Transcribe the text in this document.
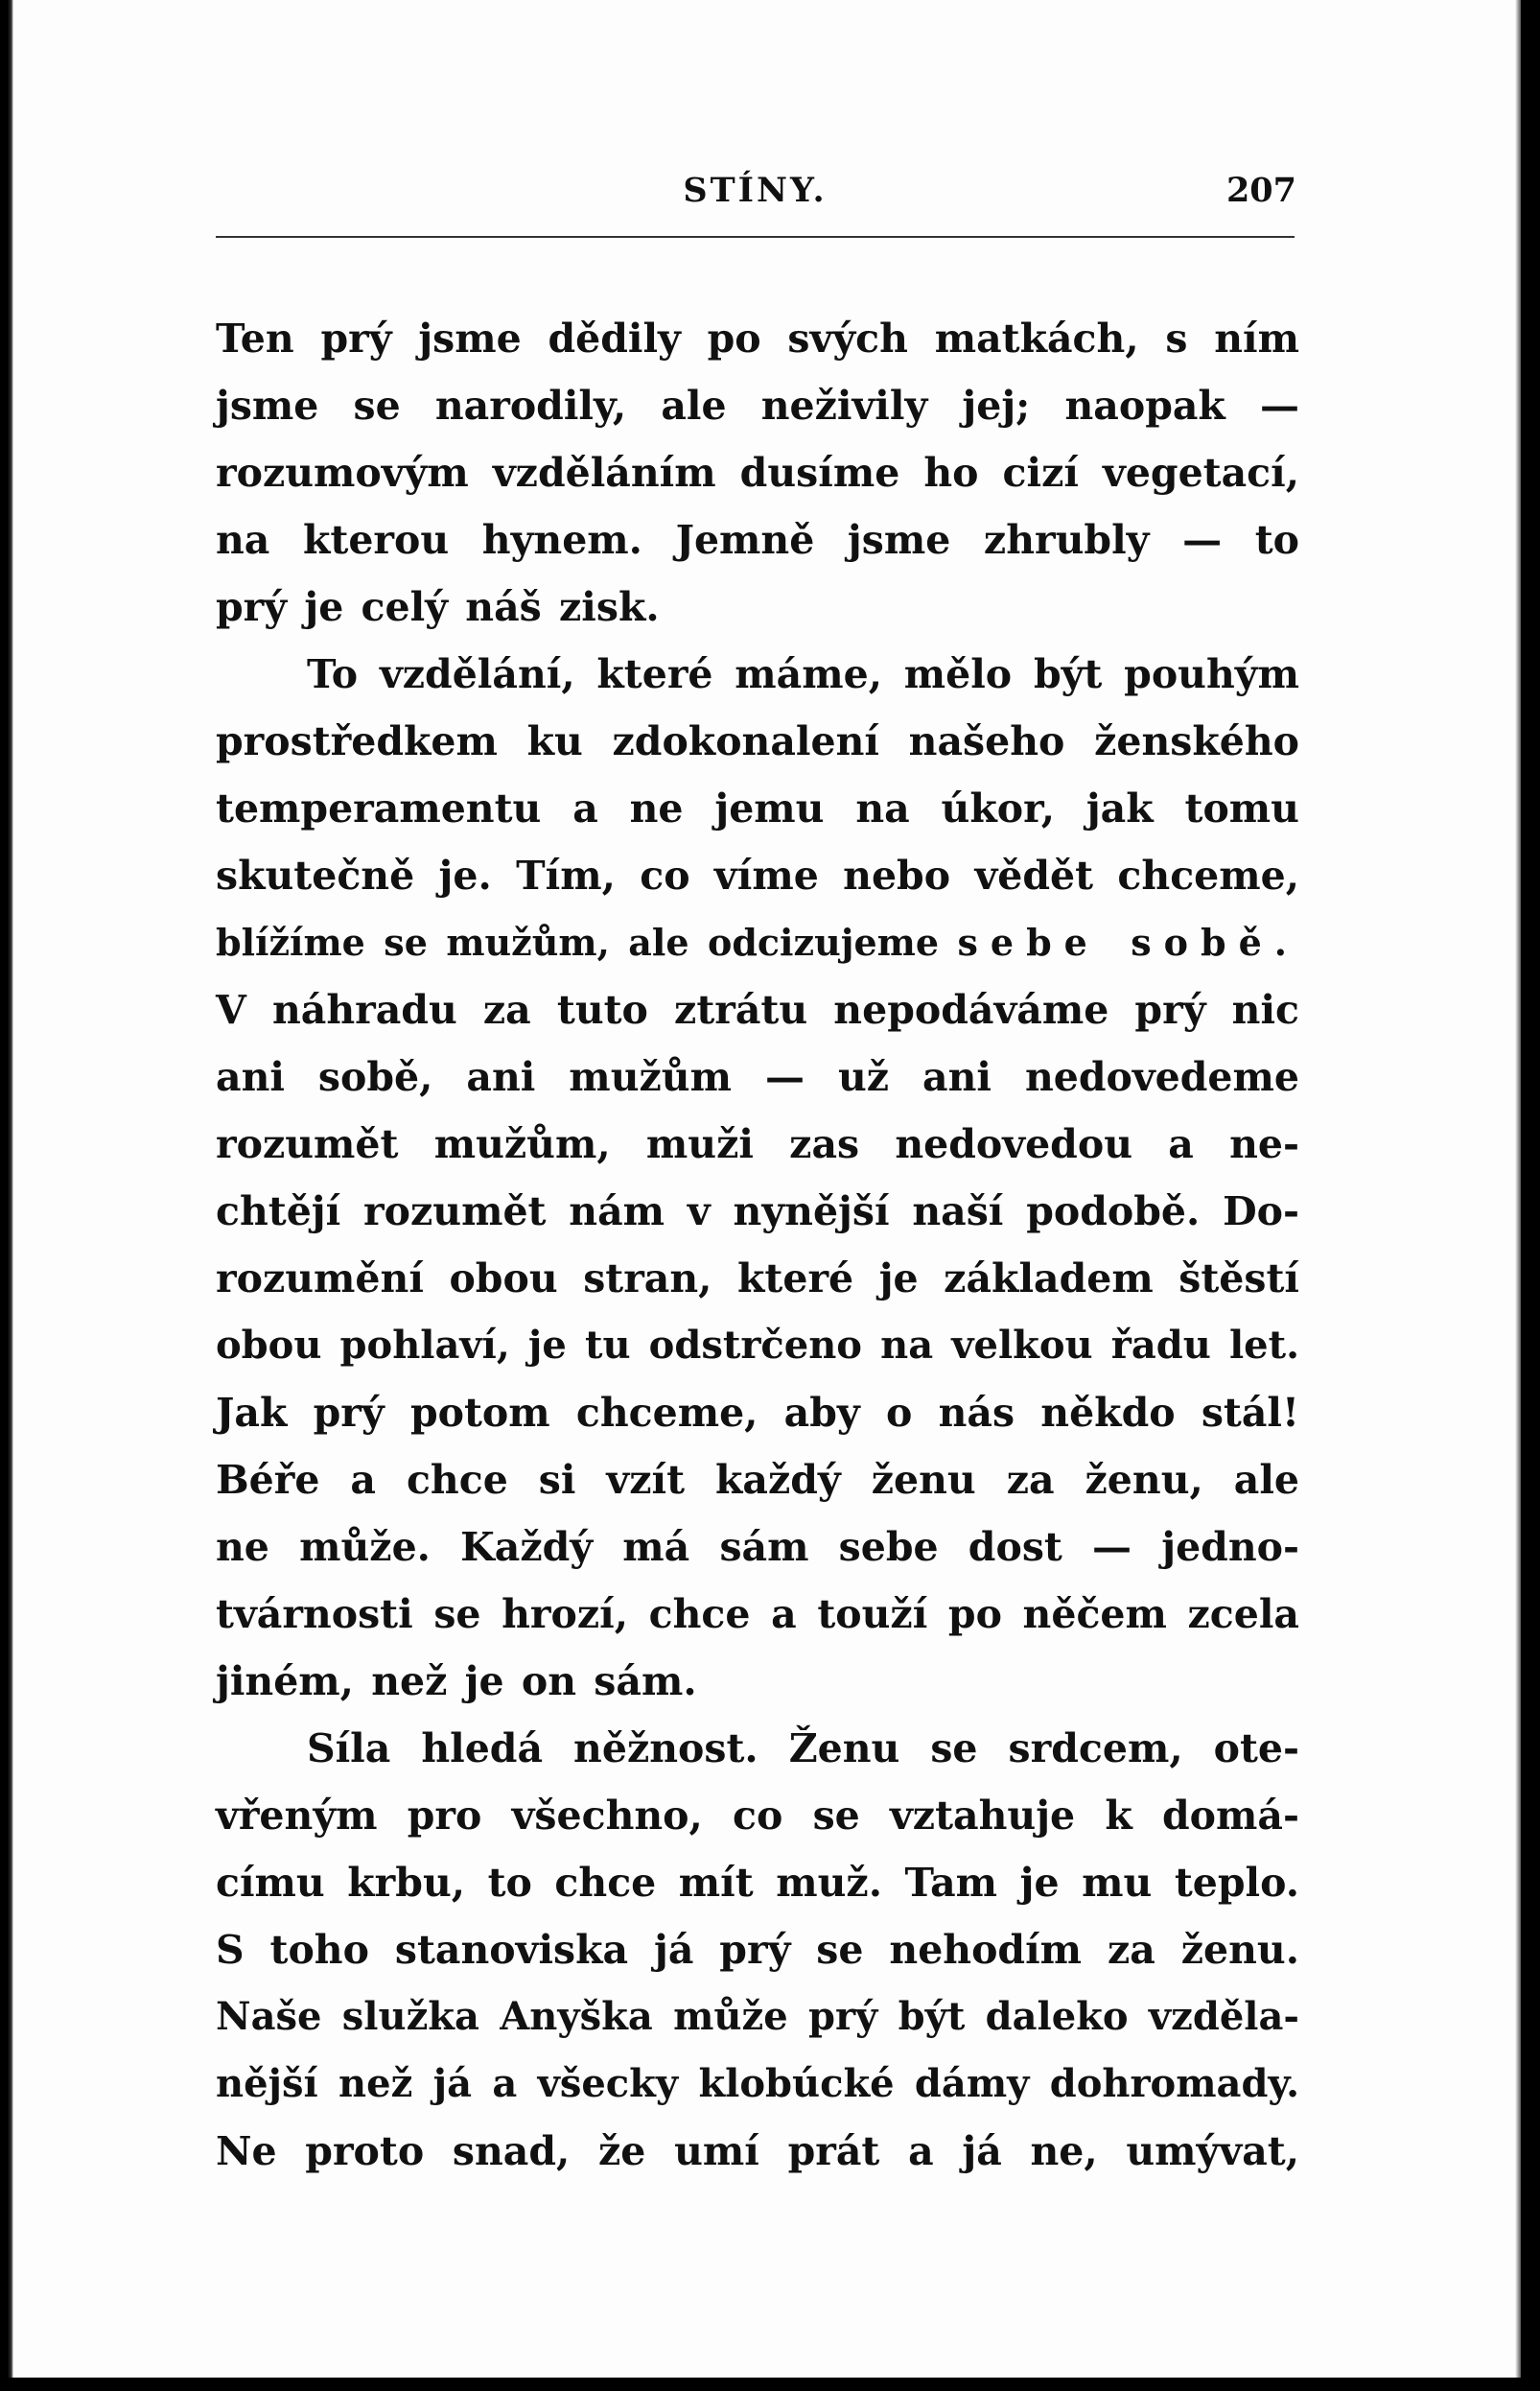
STÍNY.	207
Ten prý jsme dědily po svých matkách, s ním
jsme se narodily, ale neživily jej; naopak —
rozumovým vzděláním dusíme ho cizí vegetací,
na kterou hynem. Jemně jsme zhrubly — to
prý je celý náš zisk.
To vzdělání, které máme, mělo být pouhým
prostředkem ku zdokonalení našeho ženského
temperamentu a ne jemu na úkor, jak tomu
skutečně je. Tím, co víme nebo vědět chceme,
blížíme se mužům, ale odcizujeme sebe sobě.
V náhradu za tuto ztrátu nepodáváme prý nic
ani sobě, ani mužům — už ani nedovedeme
rozumět mužům, muži zas nedovedou a ne-
chtějí rozumět nám v nynější naší podobě. Do-
rozumění obou stran, které je základem štěstí
obou pohlaví, je tu odstrčeno na velkou řadu let.
Jak prý potom chceme, aby o nás někdo stál!
Béře a chce si vzít každý ženu za ženu, ale
ne může. Každý má sám sebe dost — jedno-
tvárnosti se hrozí, chce a touží po něčem zcela
jiném, než je on sám.
Síla hledá něžnost. Ženu se srdcem, ote-
vřeným pro všechno, co se vztahuje k domá-
címu krbu, to chce mít muž. Tam je mu teplo.
S toho stanoviska já prý se nehodím za ženu.
Naše služka Anyška může prý být daleko vzděla-
nější než já a všecky klobúcké dámy dohromady.
Ne proto snad, že umí prát a já ne, umývat,
